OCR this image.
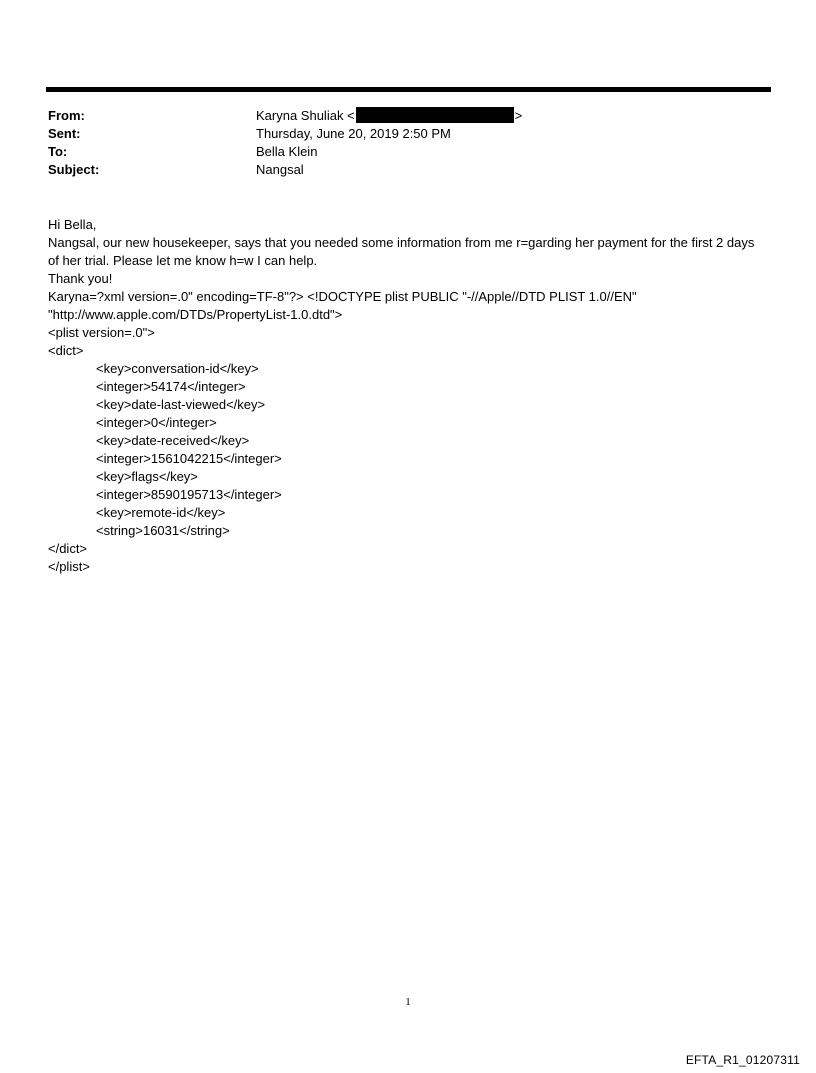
From:	Karyna Shuliak <	>
Sent:	Thursday, June 20, 2019 2:50 PM
To:	Bella Klein
Subject:	Nangsal
Hi Bella,
Nangsal, our new housekeeper, says that you needed some information from me r=garding her payment for the first 2 days of her trial. Please let me know h=w I can help.
Thank you!
Karyna=?xml version=.0" encoding=TF-8"?> <!DOCTYPE plist PUBLIC "-//Apple//DTD PLIST 1.0//EN"
"http://www.apple.com/DTDs/PropertyList-1.0.dtd">
<plist version=.0">
<dict>
<key>conversation-id</key>
<integer>54174</integer>
<key>date-last-viewed</key>
<integer>0</integer>
<key>date-received</key>
<integer>1561042215</integer>
<key>flags</key>
<integer>8590195713</integer>
<key>remote-id</key>
<string>16031</string>
</dict>
</plist>
1
EFTA_R1_01207311
